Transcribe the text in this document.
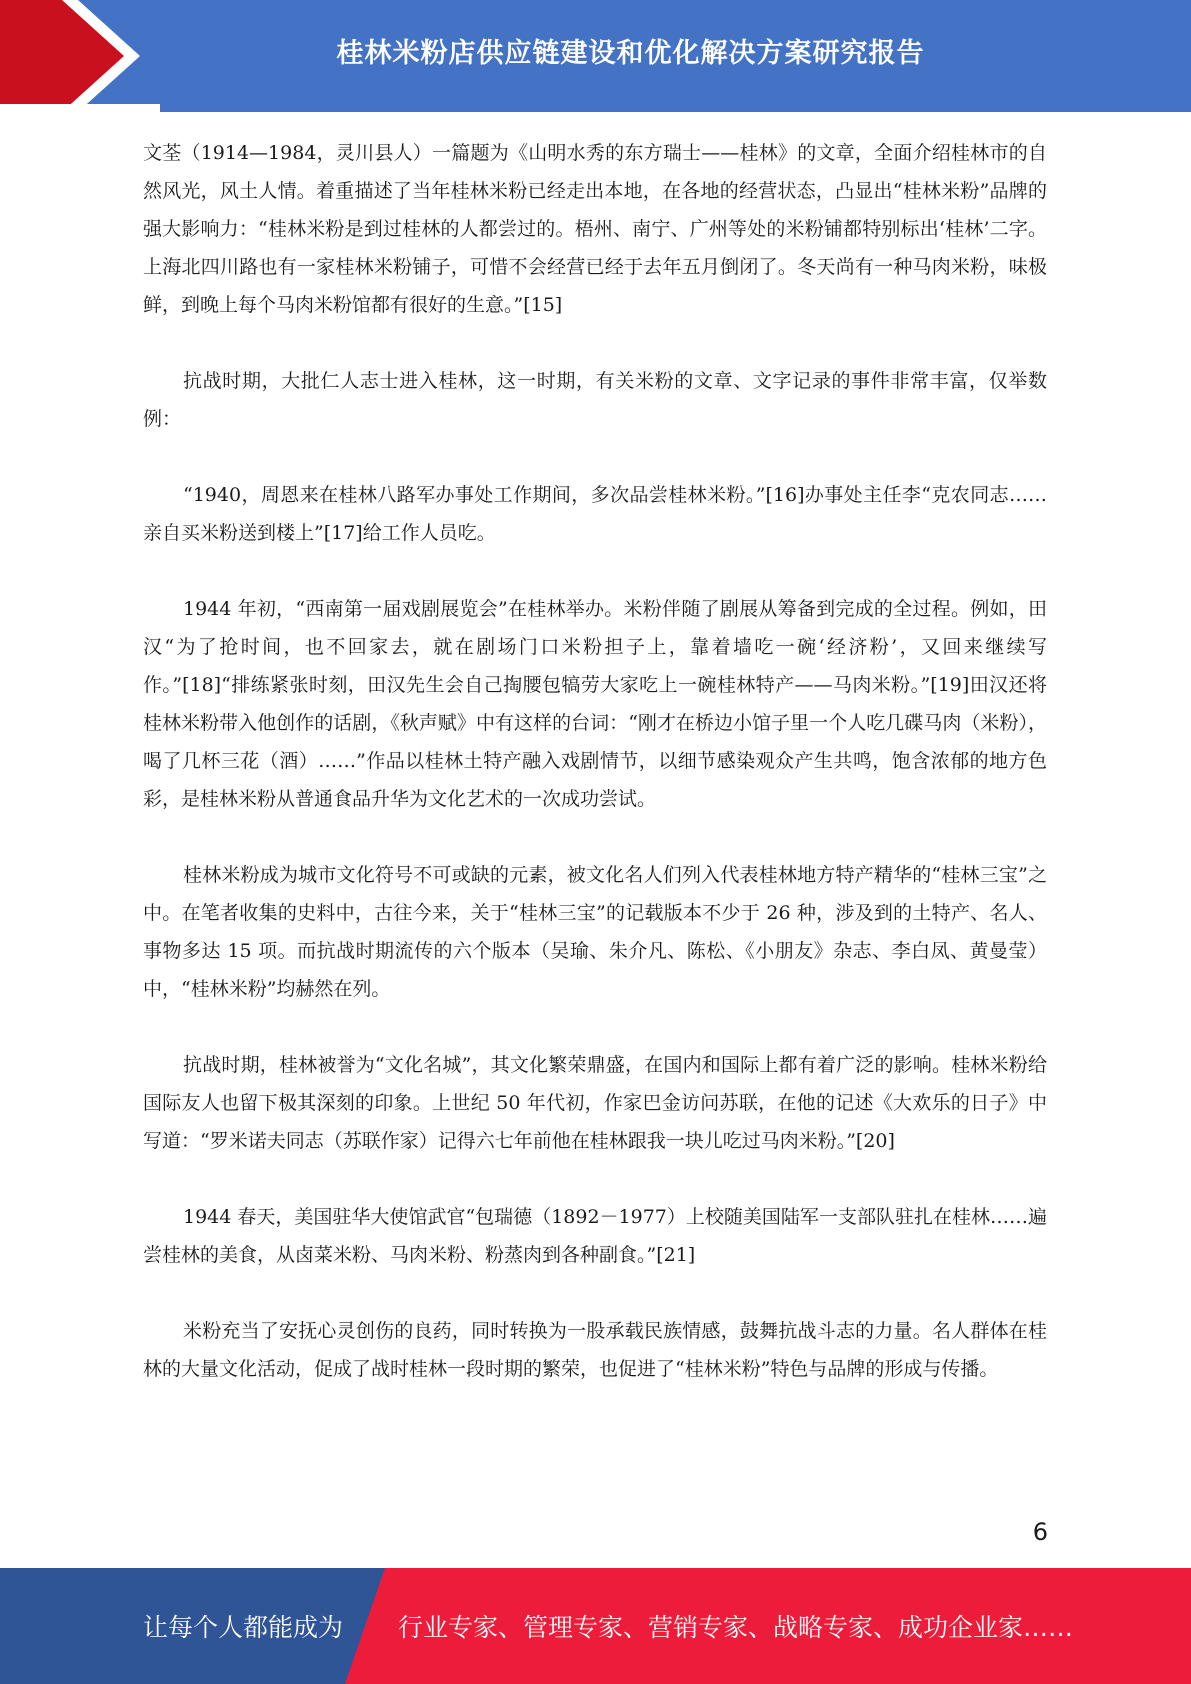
桂林米粉店供应链建设和优化解决方案研究报告

文荃（1914—1984，灵川县人）一篇题为《山明水秀的东方瑞士——桂林》的文章，全面介绍桂林市的自然风光，风土人情。着重描述了当年桂林米粉已经走出本地，在各地的经营状态，凸显出“桂林米粉”品牌的强大影响力：“桂林米粉是到过桂林的人都尝过的。梧州、南宁、广州等处的米粉铺都特别标出‘桂林’二字。上海北四川路也有一家桂林米粉铺子，可惜不会经营已经于去年五月倒闭了。冬天尚有一种马肉米粉，味极鲜，到晚上每个马肉米粉馆都有很好的生意。”[15]

抗战时期，大批仁人志士进入桂林，这一时期，有关米粉的文章、文字记录的事件非常丰富，仅举数例：

“1940，周恩来在桂林八路军办事处工作期间，多次品尝桂林米粉。”[16]办事处主任李“克农同志……亲自买米粉送到楼上”[17]给工作人员吃。

1944 年初，“西南第一届戏剧展览会”在桂林举办。米粉伴随了剧展从筹备到完成的全过程。例如，田汉“为了抢时间，也不回家去，就在剧场门口米粉担子上，靠着墙吃一碗‘经济粉’，又回来继续写作。”[18]“排练紧张时刻，田汉先生会自己掏腰包犒劳大家吃上一碗桂林特产——马肉米粉。”[19]田汉还将桂林米粉带入他创作的话剧，《秋声赋》中有这样的台词：“刚才在桥边小馆子里一个人吃几碟马肉（米粉），喝了几杯三花（酒）……”作品以桂林土特产融入戏剧情节，以细节感染观众产生共鸣，饱含浓郁的地方色彩，是桂林米粉从普通食品升华为文化艺术的一次成功尝试。

桂林米粉成为城市文化符号不可或缺的元素，被文化名人们列入代表桂林地方特产精华的“桂林三宝”之中。在笔者收集的史料中，古往今来，关于“桂林三宝”的记载版本不少于 26 种，涉及到的土特产、名人、事物多达 15 项。而抗战时期流传的六个版本（吴瑜、朱介凡、陈松、《小朋友》杂志、李白凤、黄曼莹）中，“桂林米粉”均赫然在列。

抗战时期，桂林被誉为“文化名城”，其文化繁荣鼎盛，在国内和国际上都有着广泛的影响。桂林米粉给国际友人也留下极其深刻的印象。上世纪 50 年代初，作家巴金访问苏联，在他的记述《大欢乐的日子》中写道：“罗米诺夫同志（苏联作家）记得六七年前他在桂林跟我一块儿吃过马肉米粉。”[20]

1944 春天，美国驻华大使馆武官“包瑞德（1892－1977）上校随美国陆军一支部队驻扎在桂林……遍尝桂林的美食，从卤菜米粉、马肉米粉、粉蒸肉到各种副食。”[21]

米粉充当了安抚心灵创伤的良药，同时转换为一股承载民族情感，鼓舞抗战斗志的力量。名人群体在桂林的大量文化活动，促成了战时桂林一段时期的繁荣，也促进了“桂林米粉”特色与品牌的形成与传播。

6
让每个人都能成为 行业专家、管理专家、营销专家、战略专家、成功企业家……
